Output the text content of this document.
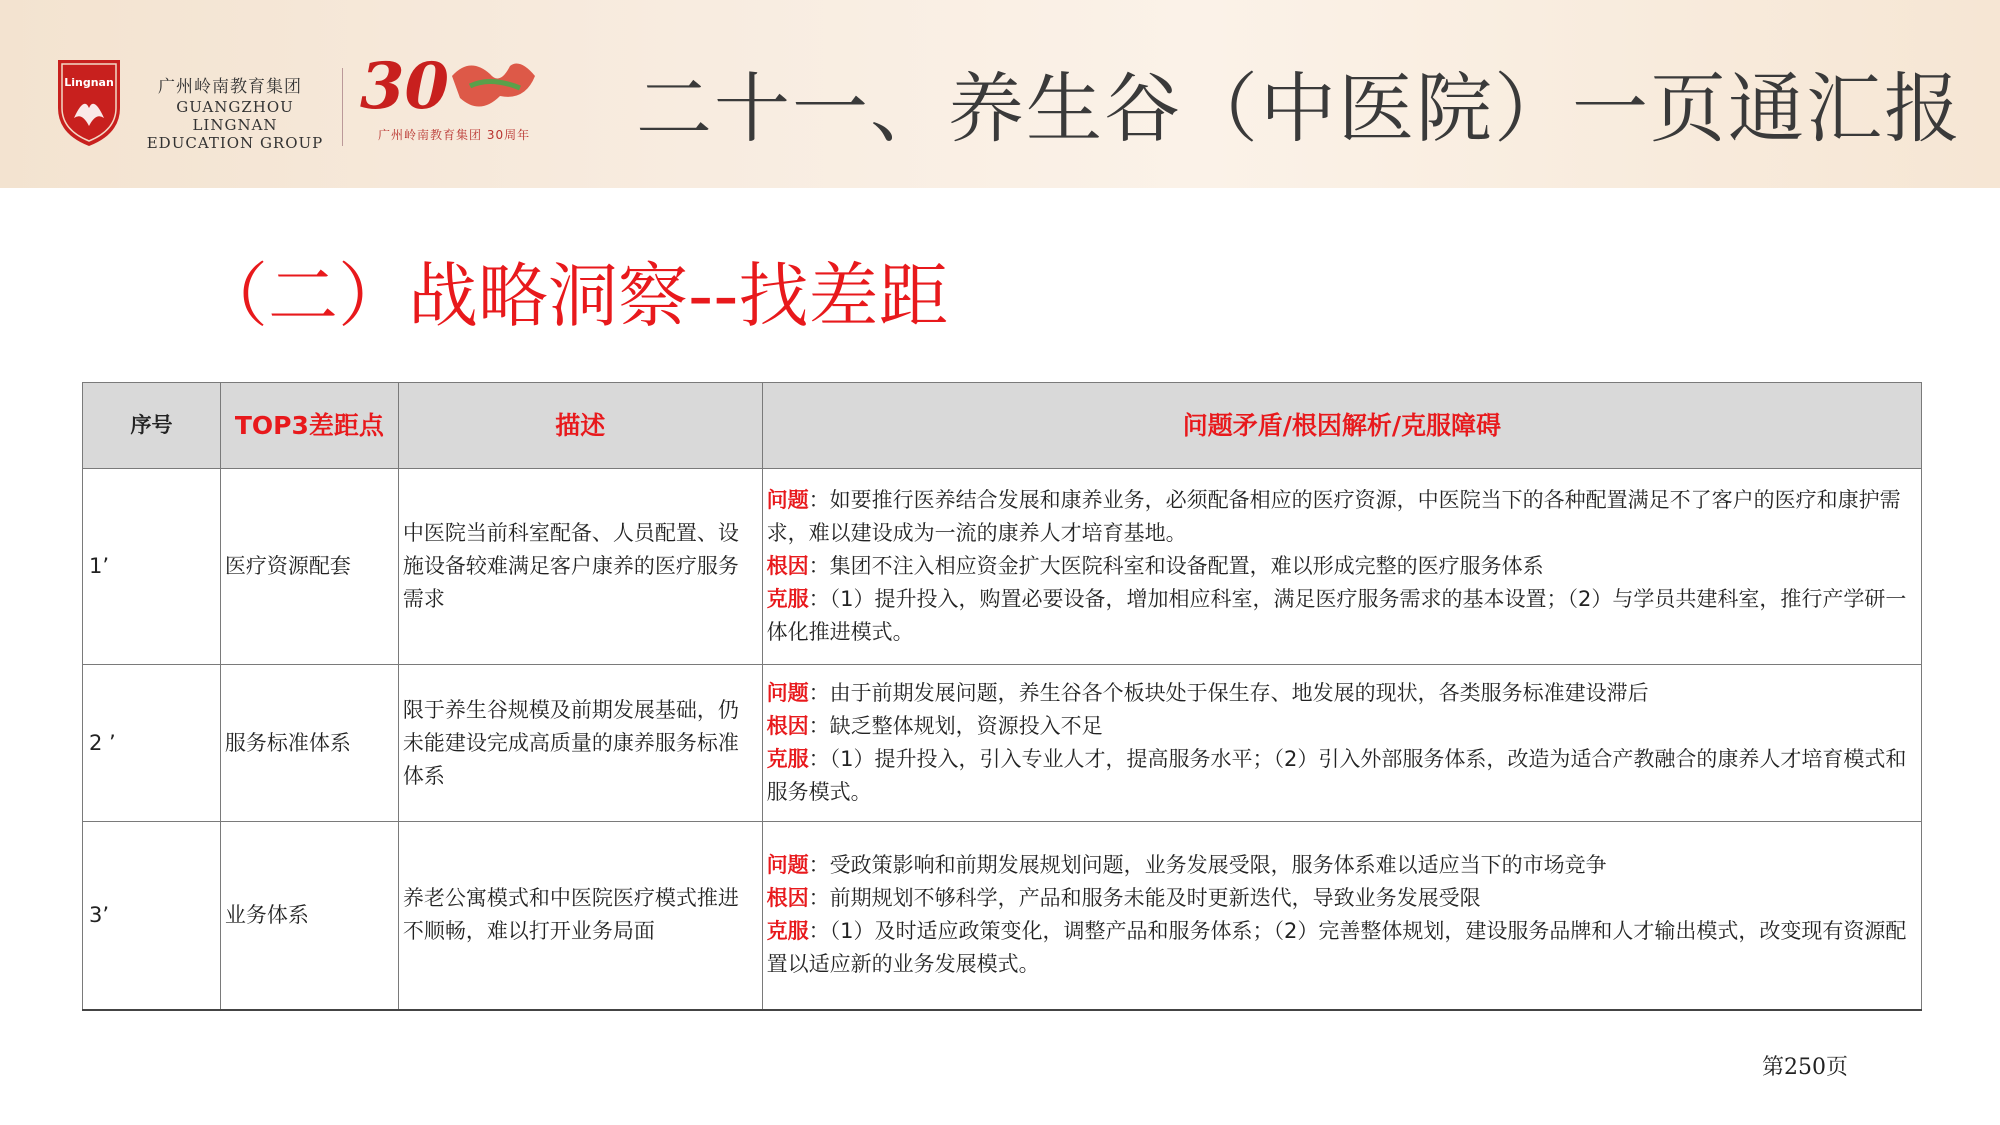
Lingnan	广州岭南教育集团
GUANGZHOU LINGNAN
EDUCATION GROUP
30
广州岭南教育集团 30周年 二十一、养生谷（中医院）一页通汇报
（二）战略洞察--找差距
序号	TOP3差距点	描述	问题矛盾/根因解析/克服障碍
1’	医疗资源配套	中医院当前科室配备、人员配置、设施设备较难满足客户康养的医疗服务需求	问题：如要推行医养结合发展和康养业务，必须配备相应的医疗资源，中医院当下的各种配置满足不了客户的医疗和康护需求，难以建设成为一流的康养人才培育基地。
根因：集团不注入相应资金扩大医院科室和设备配置，难以形成完整的医疗服务体系
克服：（1）提升投入，购置必要设备，增加相应科室，满足医疗服务需求的基本设置；（2）与学员共建科室，推行产学研一体化推进模式。

2 ’	服务标准体系	限于养生谷规模及前期发展基础，仍未能建设完成高质量的康养服务标准体系	问题：由于前期发展问题，养生谷各个板块处于保生存、地发展的现状，各类服务标准建设滞后
根因：缺乏整体规划，资源投入不足
克服：（1）提升投入，引入专业人才，提高服务水平；（2）引入外部服务体系，改造为适合产教融合的康养人才培育模式和服务模式。

3’	业务体系	养老公寓模式和中医院医疗模式推进不顺畅，难以打开业务局面	问题：受政策影响和前期发展规划问题，业务发展受限，服务体系难以适应当下的市场竞争
根因：前期规划不够科学，产品和服务未能及时更新迭代，导致业务发展受限
克服：（1）及时适应政策变化，调整产品和服务体系；（2）完善整体规划，建设服务品牌和人才输出模式，改变现有资源配置以适应新的业务发展模式。
第250页
